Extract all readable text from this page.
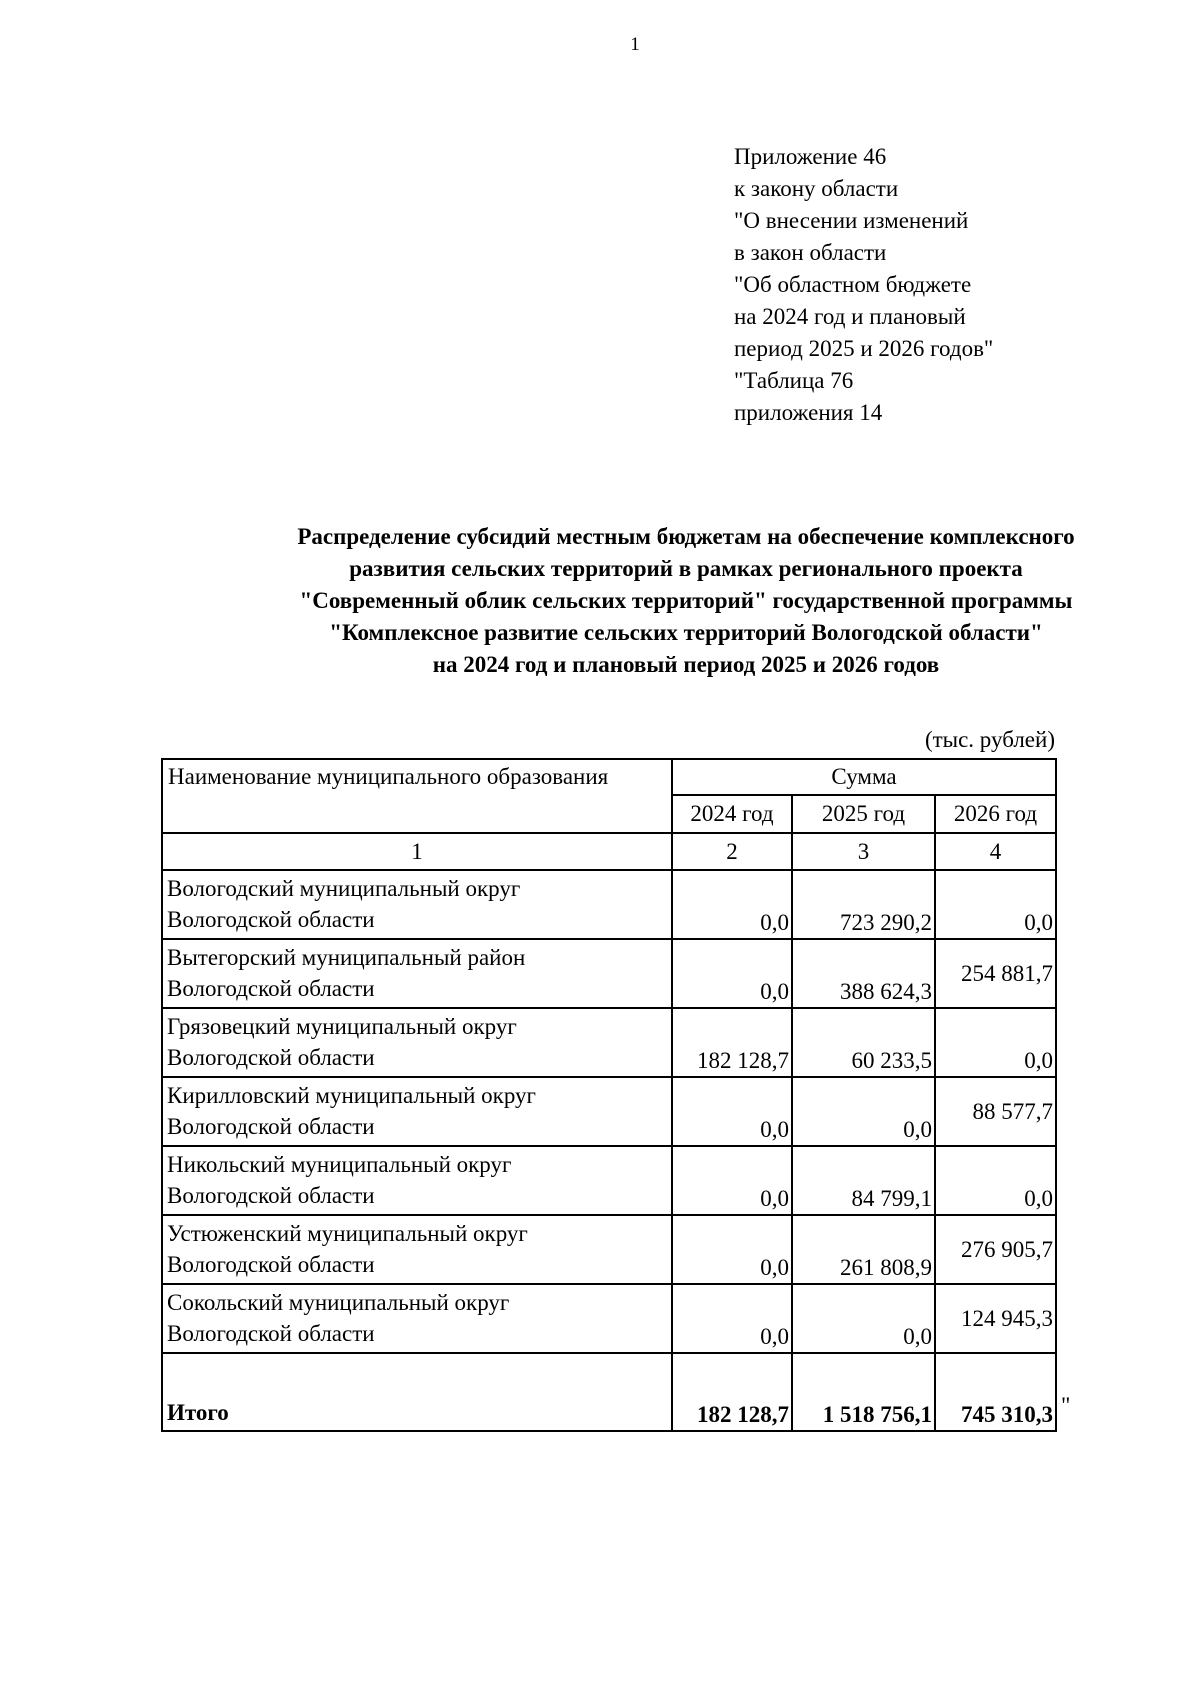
1
Приложение 46
к закону области
"О внесении изменений
в закон области
"Об областном бюджете
на 2024 год и плановый
период 2025 и 2026 годов"
"Таблица 76
приложения 14
Распределение субсидий местным бюджетам на обеспечение комплексного
развития сельских территорий в рамках регионального проекта
"Современный облик сельских территорий" государственной программы
"Комплексное развитие сельских территорий Вологодской области"
на 2024 год и плановый период 2025 и 2026 годов
(тыс. рублей)
Наименование муниципального образования	Сумма		
	2024 год	2025 год	2026 год
1	2	3	4

Вологодский муниципальный округ
Вологодской области	0,0	723 290,2	0,0

Вытегорский муниципальный район
Вологодской области	0,0	388 624,3	254 881,7

Грязовецкий муниципальный округ
Вологодской области	182 128,7	60 233,5	0,0

Кирилловский муниципальный округ
Вологодской области	0,0	0,0	88 577,7

Никольский муниципальный округ
Вологодской области	0,0	84 799,1	0,0

Устюженский муниципальный округ
Вологодской области	0,0	261 808,9	276 905,7

Сокольский муниципальный округ
Вологодской области	0,0	0,0	124 945,3
Итого	182 128,7	1 518 756,1	745 310,3 "
